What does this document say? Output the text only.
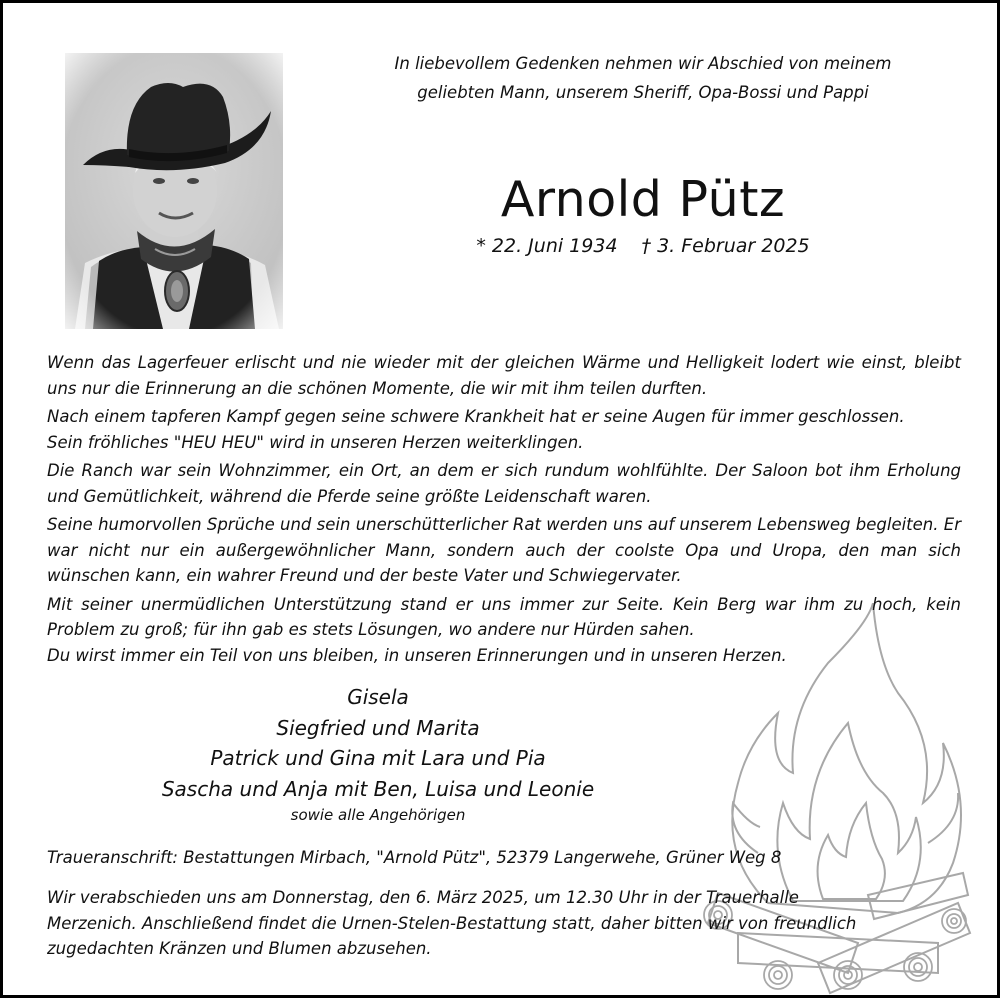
In liebevollem Gedenken nehmen wir Abschied von meinem
geliebten Mann, unserem Sheriff, Opa-Bossi und Pappi
Arnold Pütz
* 22. Juni 1934 † 3. Februar 2025
Wenn das Lagerfeuer erlischt und nie wieder mit der gleichen Wärme und Helligkeit lodert wie einst, bleibt uns nur die Erinnerung an die schönen Momente, die wir mit ihm teilen durften.
Nach einem tapferen Kampf gegen seine schwere Krankheit hat er seine Augen für immer geschlossen.
Sein fröhliches "HEU HEU" wird in unseren Herzen weiterklingen.
Die Ranch war sein Wohnzimmer, ein Ort, an dem er sich rundum wohlfühlte. Der Saloon bot ihm Erholung und Gemütlichkeit, während die Pferde seine größte Leidenschaft waren.
Seine humorvollen Sprüche und sein unerschütterlicher Rat werden uns auf unserem Lebensweg begleiten. Er war nicht nur ein außergewöhnlicher Mann, sondern auch der coolste Opa und Uropa, den man sich wünschen kann, ein wahrer Freund und der beste Vater und Schwiegervater.
Mit seiner unermüdlichen Unterstützung stand er uns immer zur Seite. Kein Berg war ihm zu hoch, kein Problem zu groß; für ihn gab es stets Lösungen, wo andere nur Hürden sahen.
Du wirst immer ein Teil von uns bleiben, in unseren Erinnerungen und in unseren Herzen.
Gisela
Siegfried und Marita
Patrick und Gina mit Lara und Pia
Sascha und Anja mit Ben, Luisa und Leonie
sowie alle Angehörigen
Traueranschrift: Bestattungen Mirbach, "Arnold Pütz", 52379 Langerwehe, Grüner Weg 8
Wir verabschieden uns am Donnerstag, den 6. März 2025, um 12.30 Uhr in der Trauerhalle
Merzenich. Anschließend findet die Urnen-Stelen-Bestattung statt, daher bitten wir von freundlich
zugedachten Kränzen und Blumen abzusehen.
